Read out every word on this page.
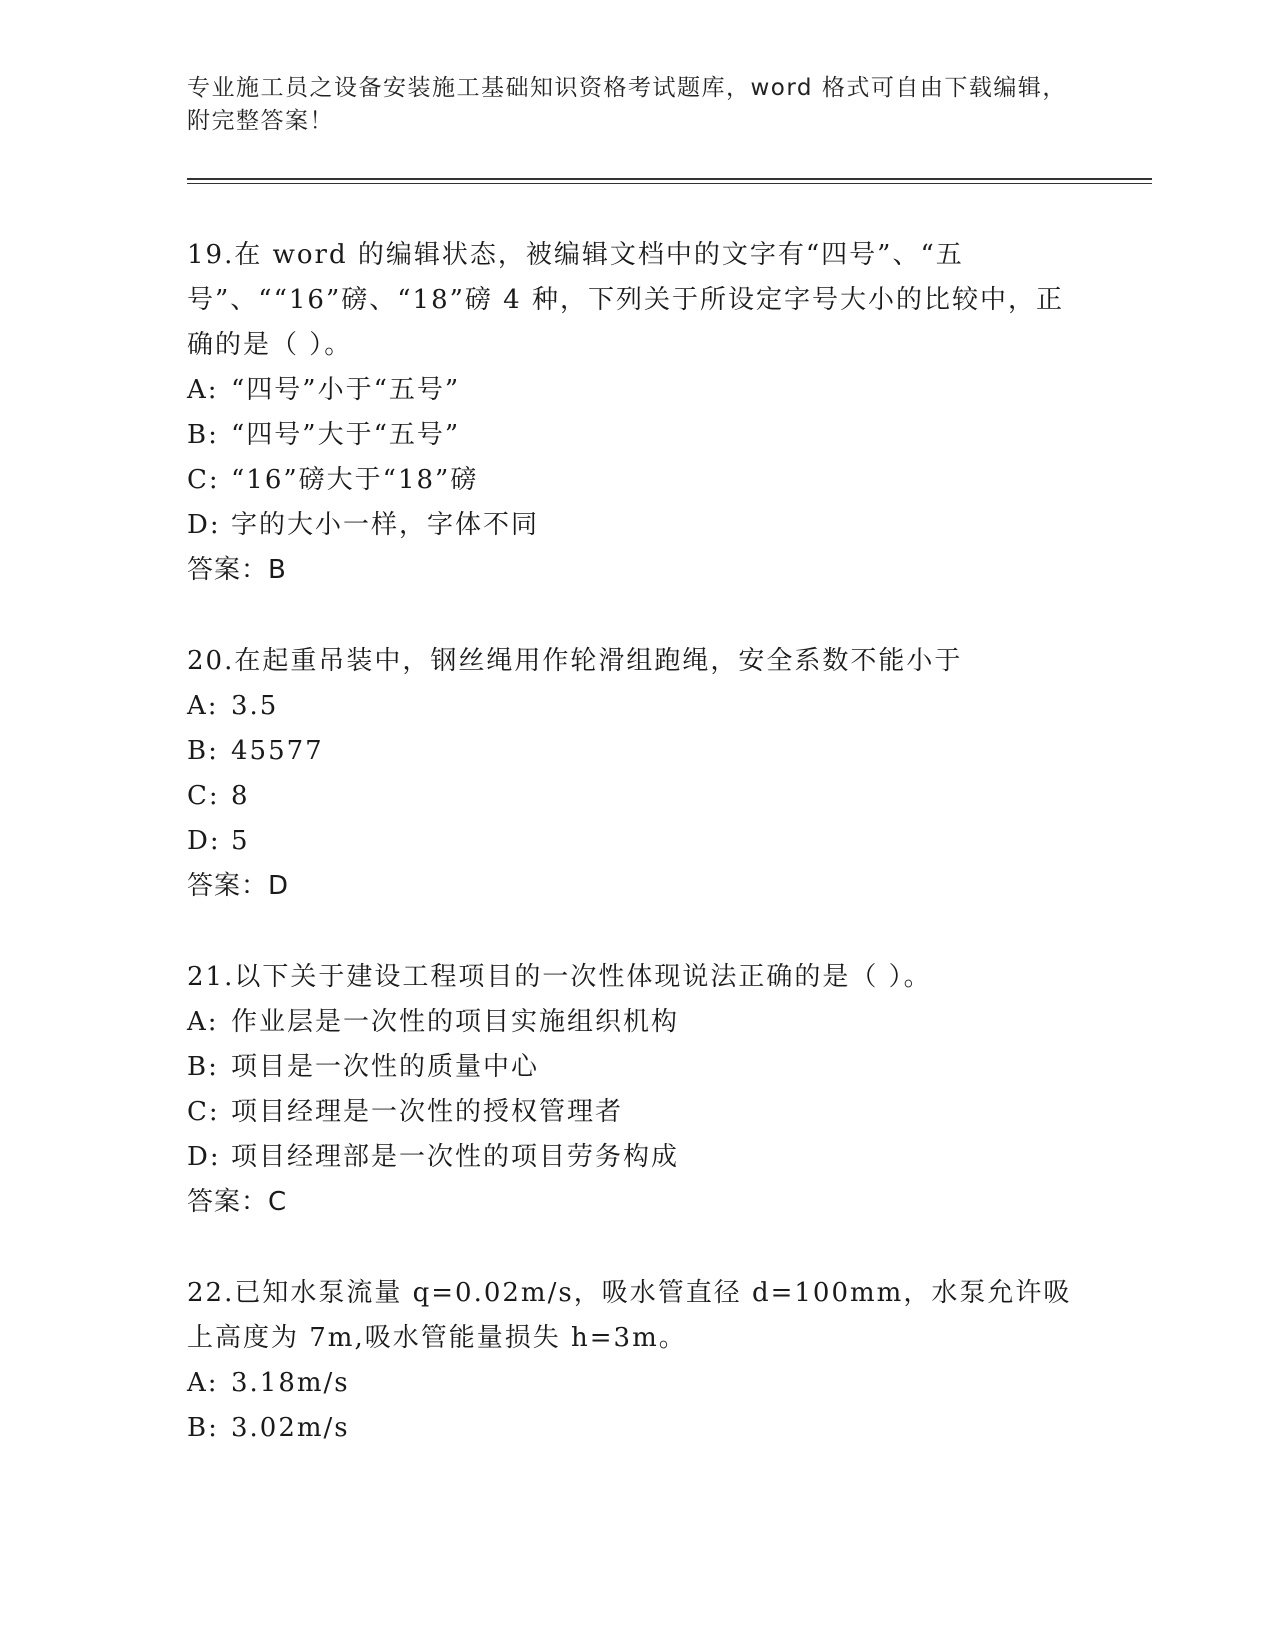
专业施工员之设备安装施工基础知识资格考试题库，word 格式可自由下载编辑，
附完整答案！
19.在 word 的编辑状态，被编辑文档中的文字有“四号”、“五号”、““16”磅、“18”磅 4 种，下列关于所设定字号大小的比较中，正确的是（ ）。
A: “四号”小于“五号”
B: “四号”大于“五号”
C: “16”磅大于“18”磅
D: 字的大小一样，字体不同
答案：B
20.在起重吊装中，钢丝绳用作轮滑组跑绳，安全系数不能小于
A: 3.5
B: 45577
C: 8
D: 5
答案：D
21.以下关于建设工程项目的一次性体现说法正确的是（ ）。
A: 作业层是一次性的项目实施组织机构
B: 项目是一次性的质量中心
C: 项目经理是一次性的授权管理者
D: 项目经理部是一次性的项目劳务构成
答案：C
22.已知水泵流量 q=0.02m/s，吸水管直径 d=100mm，水泵允许吸上高度为 7m,吸水管能量损失 h=3m。
A: 3.18m/s
B: 3.02m/s
